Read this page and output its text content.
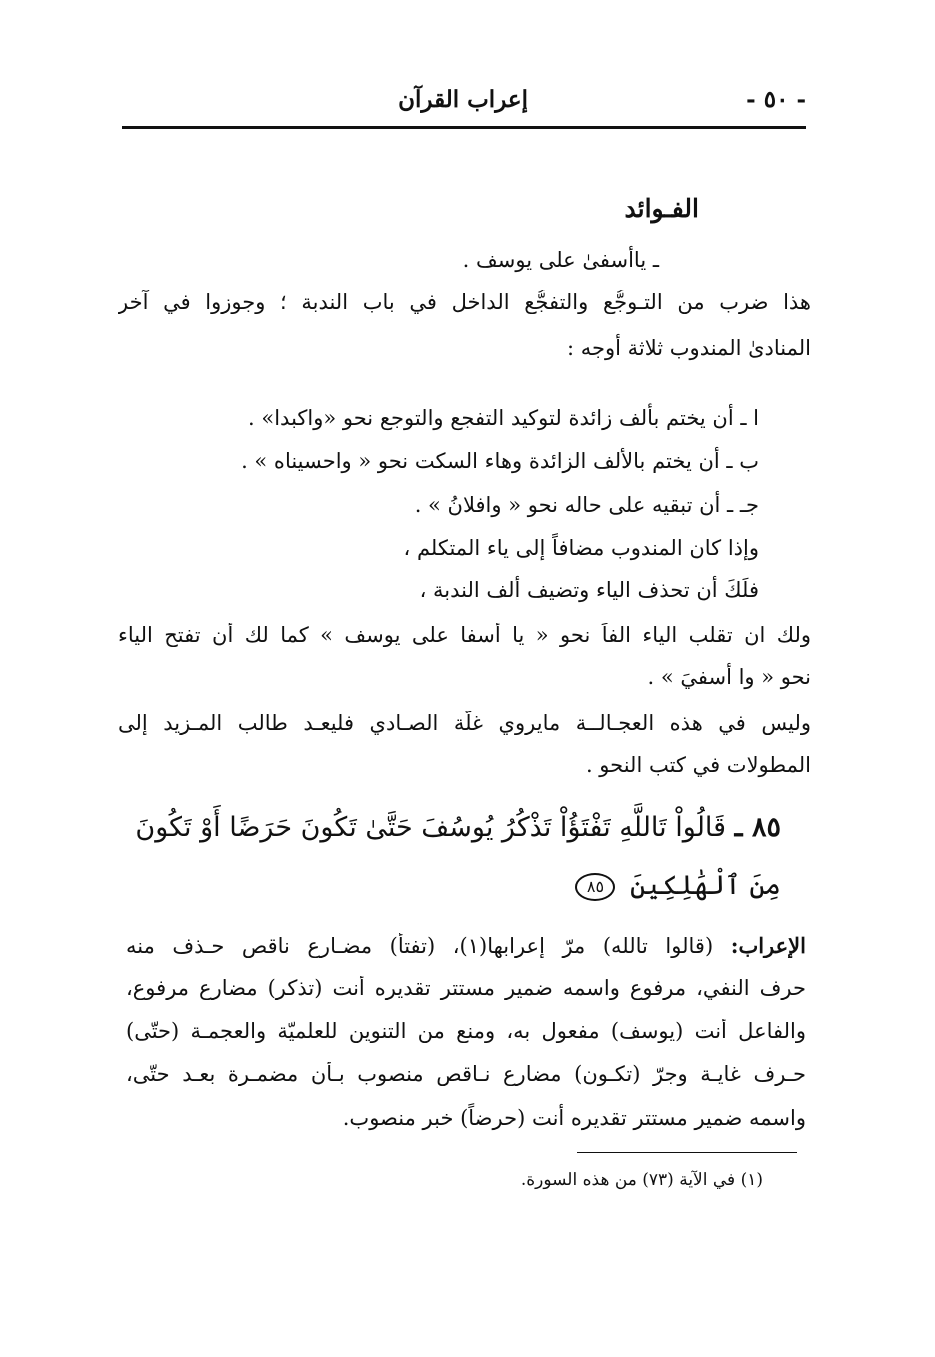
- ٥٠ -
إعراب القرآن
الفـوائد
ـ ياأسفىٰ على يوسف .
هذا ضرب من التـوجُّع والتفجُّع الداخل في باب الندبة ؛ وجوزوا في آخر
المنادىٰ المندوب ثلاثة أوجه :
ا ـ أن يختم بألف زائدة لتوكيد التفجع والتوجع نحو «واكبدا» .
ب ـ أن يختم بالألف الزائدة وهاء السكت نحو « واحسيناه » .
جـ ـ أن تبقيه على حاله نحو « وافلانُ » .
وإذا كان المندوب مضافاً إلى ياء المتكلم ،
فلَكَ أن تحذف الياء وتضيف ألف الندبة ،
ولك ان تقلب الياء الفاً نحو « يا أسفا على يوسف » كما لك أن تفتح الياء
نحو « وا أسفيَ » .
وليس في هذه العجـالــة مايروي غلَّة الصـادي فليعـد طالب المـزيد إلى
المطولات في كتب النحو .
٨٥ ـ قَالُواْ تَاللَّهِ تَفْتَؤُاْ تَذْكُرُ يُوسُفَ حَتَّىٰ تَكُونَ حَرَضًا أَوْ تَكُونَ
مِنَ ٱلْهَٰلِكِينَ ٨٥
الإعراب: (قالوا تالله) مرّ إعرابها(١)، (تفتأ) مضـارع ناقص حـذف منه
حرف النفي، مرفوع واسمه ضمير مستتر تقديره أنت (تذكر) مضارع مرفوع،
والفاعل أنت (يوسف) مفعول به، ومنع من التنوين للعلميّة والعجمـة (حتّى)
حـرف غايـة وجرّ (تكـون) مضارع نـاقص منصوب بـأن مضمـرة بعـد حتّى،
واسمه ضمير مستتر تقديره أنت (حرضاً) خبر منصوب.
(١) في الآية (٧٣) من هذه السورة.
